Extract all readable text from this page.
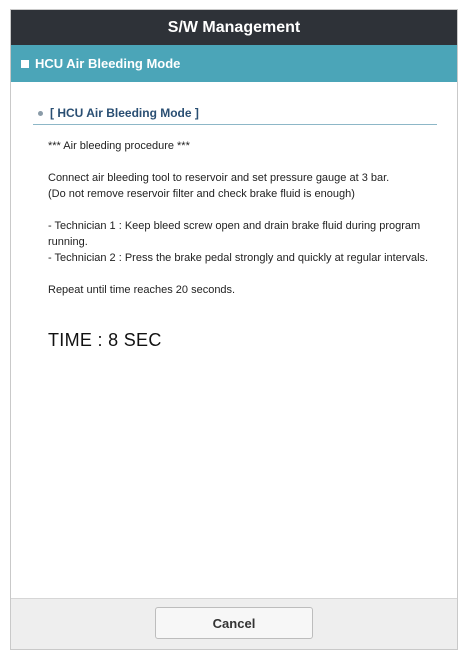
S/W Management
HCU Air Bleeding Mode
[ HCU Air Bleeding Mode ]

*** Air bleeding procedure ***

Connect air bleeding tool to reservoir and set pressure gauge at 3 bar.

(Do not remove reservoir filter and check brake fluid is enough)

- Technician 1 : Keep bleed screw open and drain brake fluid during program

running.

- Technician 2 : Press the brake pedal strongly and quickly at regular intervals.

Repeat until time reaches 20 seconds.

TIME : 8 SEC
Cancel
